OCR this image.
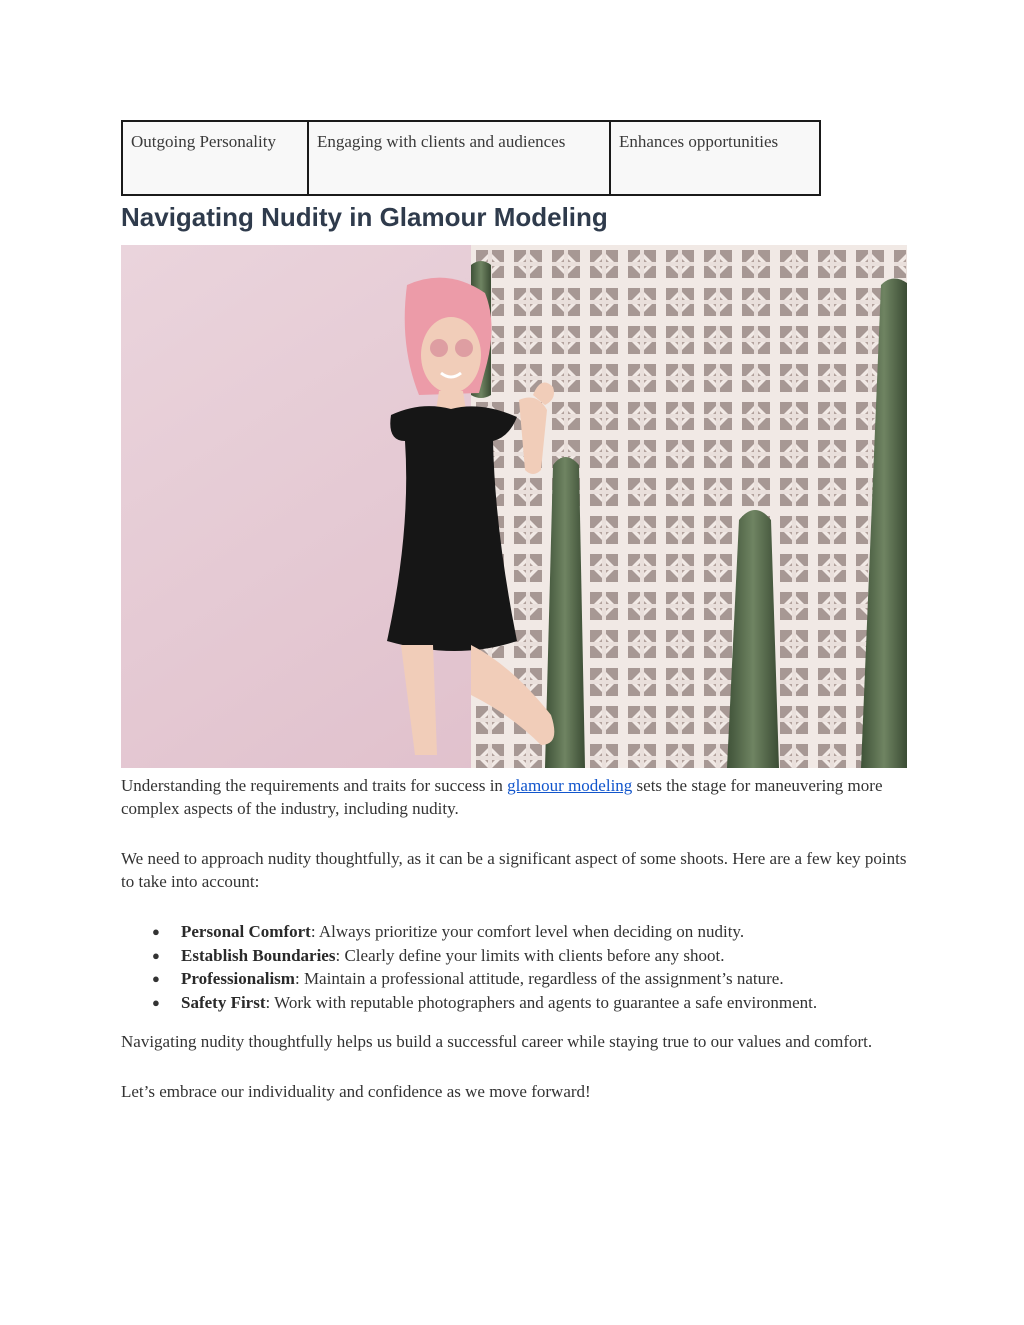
Outgoing Personality	Engaging with clients and audiences	Enhances opportunities
Navigating Nudity in Glamour Modeling

Understanding the requirements and traits for success in glamour modeling sets the stage for maneuvering more complex aspects of the industry, including nudity.

We need to approach nudity thoughtfully, as it can be a significant aspect of some shoots. Here are a few key points to take into account:

● Personal Comfort: Always prioritize your comfort level when deciding on nudity.
● Establish Boundaries: Clearly define your limits with clients before any shoot.
● Professionalism: Maintain a professional attitude, regardless of the assignment’s nature.
● Safety First: Work with reputable photographers and agents to guarantee a safe environment.

Navigating nudity thoughtfully helps us build a successful career while staying true to our values and comfort.

Let’s embrace our individuality and confidence as we move forward!
